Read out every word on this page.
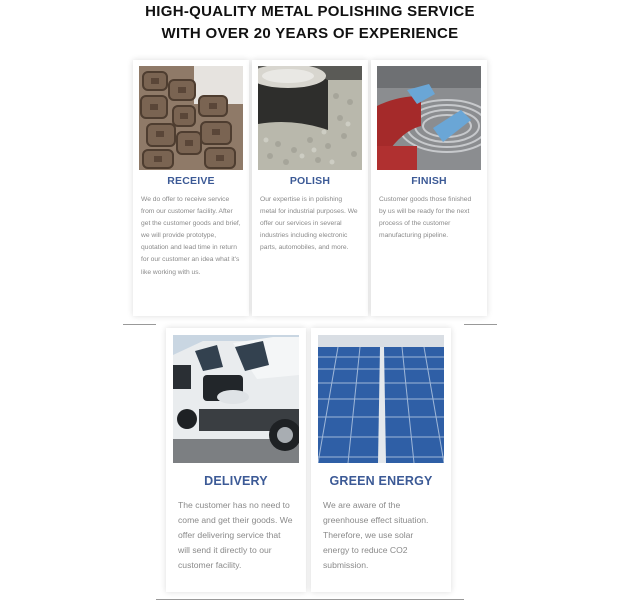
HIGH-QUALITY METAL POLISHING SERVICE
WITH OVER 20 YEARS OF EXPERIENCE
RECEIVE

We do offer to receive service from our customer facility. After get the customer goods and brief, we will provide prototype, quotation and lead time in return for our customer an idea what it's like working with us.

POLISH

Our expertise is in polishing metal for industrial purposes. We offer our services in several industries including electronic parts, automobiles, and more.

FINISH

Customer goods those finished by us will be ready for the next process of the customer manufacturing pipeline.

DELIVERY

The customer has no need to come and get their goods. We offer delivering service that will send it directly to our customer facility.

GREEN ENERGY

We are aware of the greenhouse effect situation. Therefore, we use solar energy to reduce CO2 submission.
